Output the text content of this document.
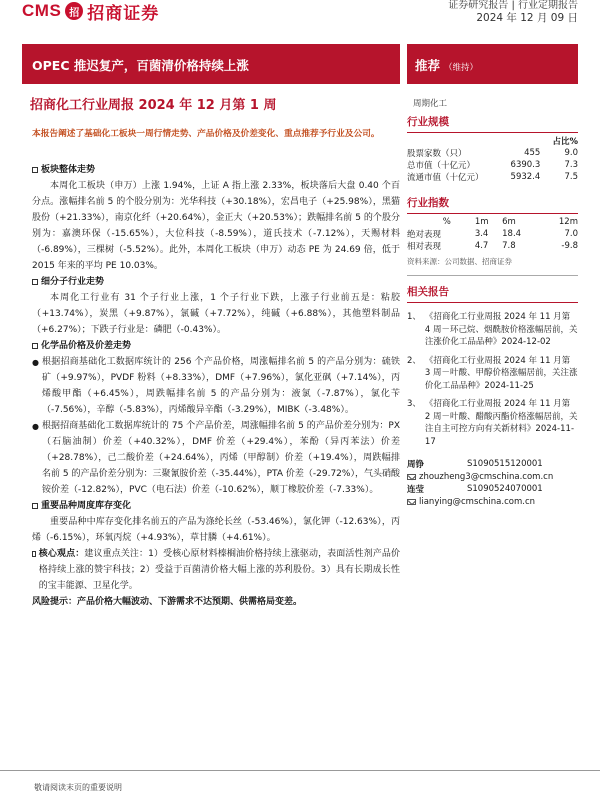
CMS 招 招商证券	证券研究报告 | 行业定期报告
2024 年 12 月 09 日
OPEC 推迟复产，百菌清价格持续上涨	推荐 （维持）
招商化工行业周报 2024 年 12 月第 1 周	周期化工
本报告阐述了基础化工板块一周行情走势、产品价格及价差变化、重点推荐予行业及公司。
板块整体走势
本周化工板块（申万）上涨 1.94%，上证 A 指上涨 2.33%，板块落后大盘 0.40 个百分点。涨幅排名前 5 的个股分别为：光华科技（+30.18%），宏昌电子（+25.98%），黑猫股份（+21.33%），南京化纤（+20.64%），金正大（+20.53%）；跌幅排名前 5 的个股分别为：嘉澳环保（-15.65%），大位科技（-8.59%），道氏技术（-7.12%），天赐材料（-6.89%），三棵树（-5.52%）。此外，本周化工板块（申万）动态 PE 为 24.69 倍，低于 2015 年来的平均 PE 10.03%。
细分子行业走势
本周化工行业有 31 个子行业上涨，1 个子行业下跌，上涨子行业前五是：粘胶（+13.74%），炭黑（+9.87%），氯碱（+7.72%），纯碱（+6.88%），其他塑料制品（+6.27%）；下跌子行业是：磷肥（-0.43%）。
化学品价格及价差走势
● 根据招商基础化工数据库统计的 256 个产品价格，周涨幅排名前 5 的产品分别为：硫铁矿（+9.97%），PVDF 粉料（+8.33%），DMF（+7.96%），氯化亚砜（+7.14%），丙烯酸甲酯（+6.45%），周跌幅排名前 5 的产品分别为：液氯（-7.87%），氯化苄（-7.56%），辛醇（-5.83%），丙烯酸异辛酯（-3.29%），MIBK（-3.48%）。
● 根据招商基础化工数据库统计的 75 个产品价差，周涨幅排名前 5 的产品价差分别为：PX（石脑油制）价差（+40.32%），DMF 价差（+29.4%），苯酚（异丙苯法）价差（+28.78%），己二酸价差（+24.64%），丙烯（甲醇制）价差（+19.4%），周跌幅排名前 5 的产品价差分别为：三聚氰胺价差（-35.44%），PTA 价差（-29.72%），气头硝酸铵价差（-12.82%），PVC（电石法）价差（-10.62%），顺丁橡胶价差（-7.33%）。
重要品种周度库存变化
重要品种中库存变化排名前五的产品为涤纶长丝（-53.46%），氯化钾（-12.63%），丙烯（-6.15%），环氧丙烷（+4.93%），草甘膦（+4.61%）。
核心观点：建议重点关注：1）受核心原材料榛榈油价格持续上涨驱动，表面活性剂产品价格持续上涨的赞宇科技；2）受益于百菌清价格大幅上涨的苏利股份。3）具有长期成长性的宝丰能源、卫星化学。
风险提示：产品价格大幅波动、下游需求不达预期、供需格局变差。
行业规模
		占比%
股票家数（只）	455	9.0
总市值（十亿元）	6390.3	7.3
流通市值（十亿元）	5932.4	7.5
行业指数
%	1m	6m	12m
绝对表现	3.4	18.4	7.0
相对表现	4.7	7.8	-9.8
资料来源：公司数据、招商证券
相关报告
1、 《招商化工行业周报 2024 年 11 月第 4 周－环己烷、烟酰胺价格涨幅居前，关注涨价化工品品种》2024-12-02
2、 《招商化工行业周报 2024 年 11 月第 3 周－叶酸、甲醇价格涨幅居前，关注涨价化工品品种》2024-11-25
3、 《招商化工行业周报 2024 年 11 月第 2 周－叶酸、醋酸丙酯价格涨幅居前，关注自主可控方向有关新材料》2024-11-17
周铮	S1090515120001
zhouzheng3@cmschina.com.cn
连莹	S1090524070001
lianying@cmschina.com.cn
敬请阅读末页的重要说明
